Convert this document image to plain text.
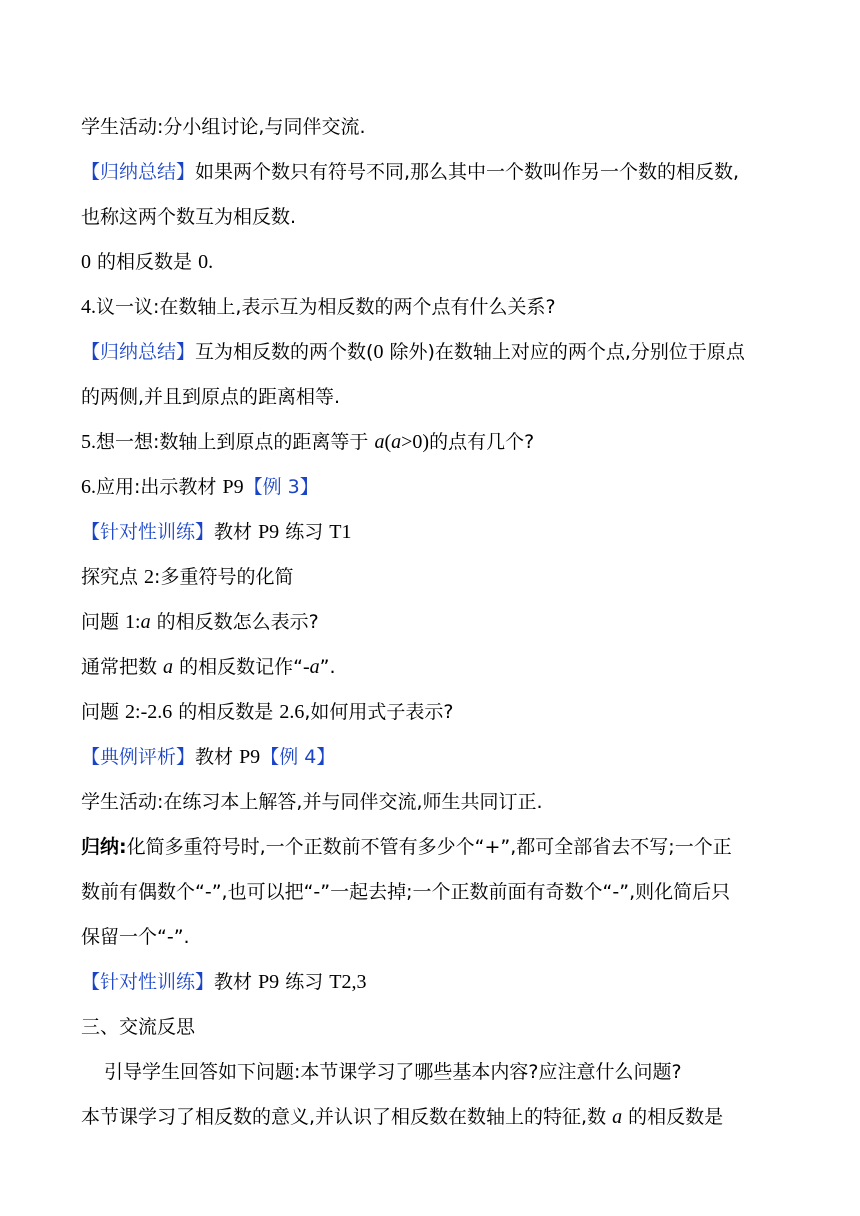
学生活动:分小组讨论,与同伴交流.
【归纳总结】如果两个数只有符号不同,那么其中一个数叫作另一个数的相反数,
也称这两个数互为相反数.
0 的相反数是 0.
4.议一议:在数轴上,表示互为相反数的两个点有什么关系?
【归纳总结】互为相反数的两个数(0 除外)在数轴上对应的两个点,分别位于原点
的两侧,并且到原点的距离相等.
5.想一想:数轴上到原点的距离等于 a(a>0)的点有几个?
6.应用:出示教材 P9【例 3】
【针对性训练】教材 P9 练习 T1
探究点 2:多重符号的化简
问题 1:a 的相反数怎么表示?
通常把数 a 的相反数记作“-a”.
问题 2:-2.6 的相反数是 2.6,如何用式子表示?
【典例评析】教材 P9【例 4】
学生活动:在练习本上解答,并与同伴交流,师生共同订正.
归纳:化简多重符号时,一个正数前不管有多少个“+”,都可全部省去不写;一个正
数前有偶数个“-”,也可以把“-”一起去掉;一个正数前面有奇数个“-”,则化简后只
保留一个“-”.
【针对性训练】教材 P9 练习 T2,3
三、交流反思
引导学生回答如下问题:本节课学习了哪些基本内容?应注意什么问题?
本节课学习了相反数的意义,并认识了相反数在数轴上的特征,数 a 的相反数是
